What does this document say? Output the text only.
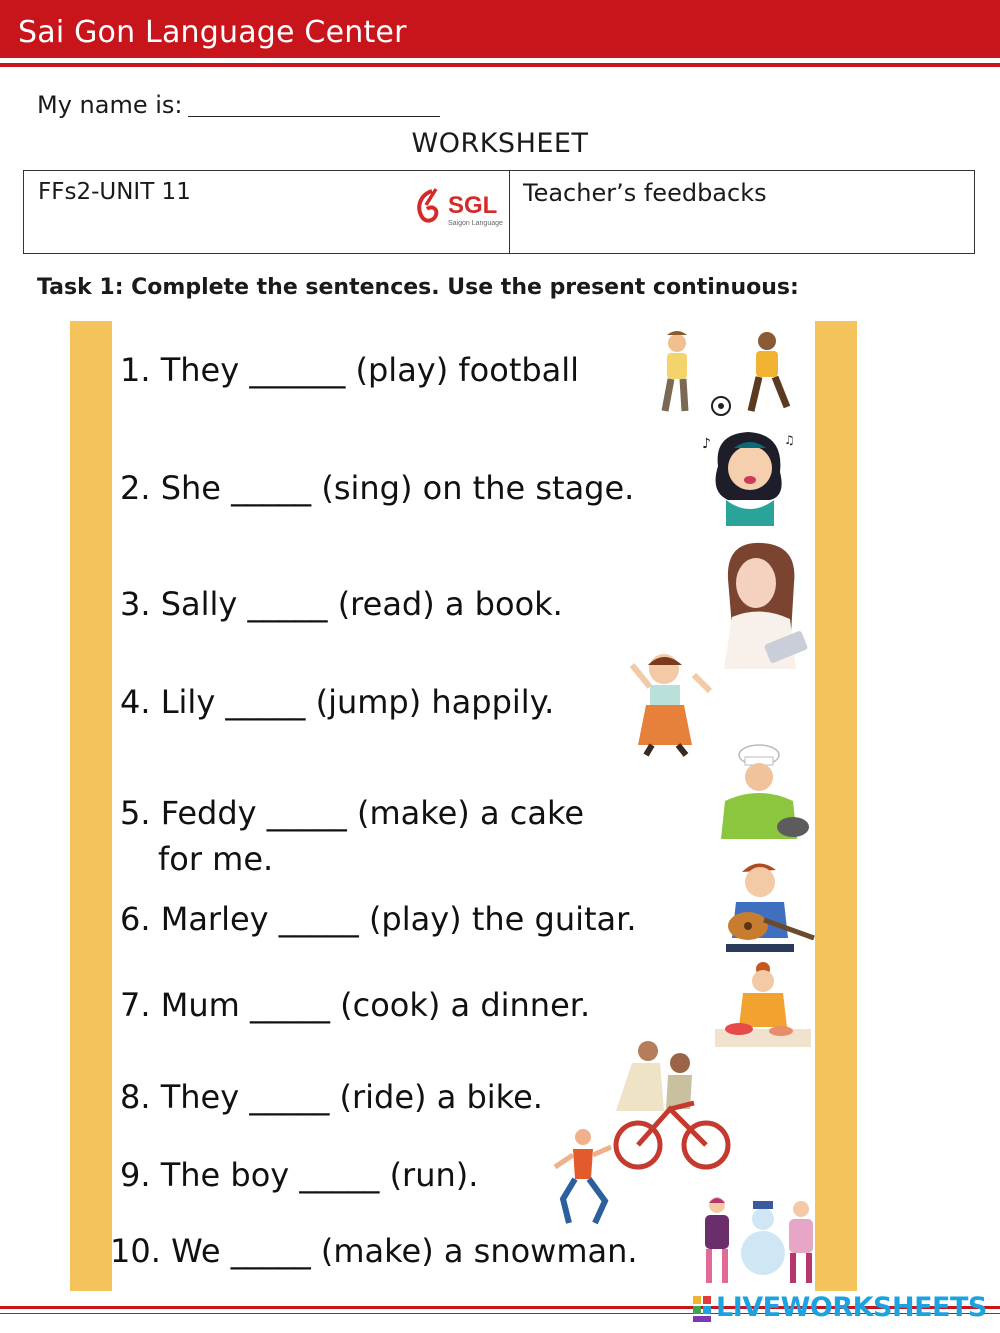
Sai Gon Language Center
My name is:
WORKSHEET
FFs2-UNIT 11	SGL
Saigon Language
Teacher’s feedbacks
Task 1: Complete the sentences. Use the present continuous:
1. They ______ (play) football
2. She _____ (sing) on the stage.
3. Sally _____ (read) a book.
4. Lily _____ (jump) happily.
5. Feddy _____ (make) a cake
for me.
6. Marley _____ (play) the guitar.
7. Mum _____ (cook) a dinner.
8. They _____ (ride) a bike.
9. The boy _____ (run).
10. We _____ (make) a snowman.
♪	♫
LIVEWORKSHEETS
